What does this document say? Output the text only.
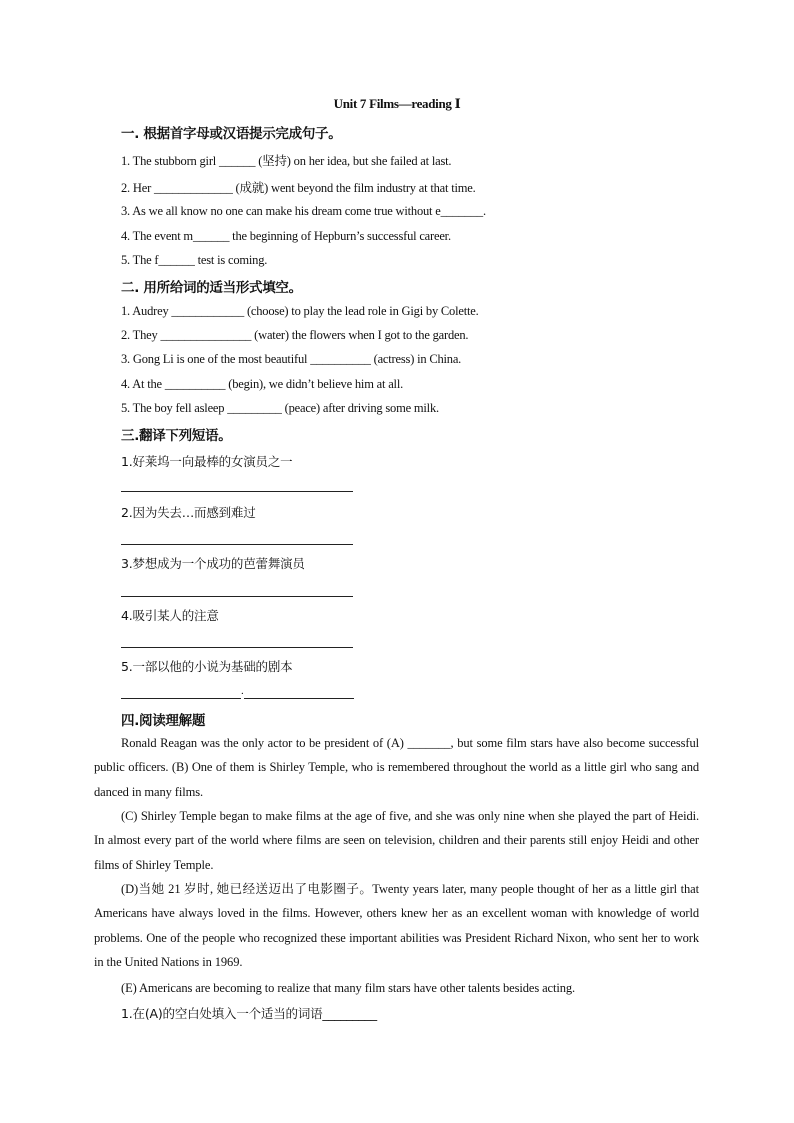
Unit 7 Films—reading Ⅰ
一. 根据首字母或汉语提示完成句子。
1. The stubborn girl ______ (坚持) on her idea, but she failed at last.
2. Her _____________ (成就) went beyond the film industry at that time.
3. As we all know no one can make his dream come true without e_______.
4. The event m______ the beginning of Hepburn’s successful career.
5. The f______ test is coming.
二. 用所给词的适当形式填空。
1. Audrey ____________ (choose) to play the lead role in Gigi by Colette.
2. They _______________ (water) the flowers when I got to the garden.
3. Gong Li is one of the most beautiful __________ (actress) in China.
4. At the __________ (begin), we didn’t believe him at all.
5. The boy fell asleep _________ (peace) after driving some milk.
三.翻译下列短语。
1.好莱坞一向最棒的女演员之一
2.因为失去…而感到难过
3.梦想成为一个成功的芭蕾舞演员
4.吸引某人的注意
5.一部以他的小说为基础的剧本
.
四.阅读理解题
Ronald Reagan was the only actor to be president of (A) _______, but some film stars have also become successful public officers. (B) One of them is Shirley Temple, who is remembered throughout the world as a little girl who sang and danced in many films.
(C) Shirley Temple began to make films at the age of five, and she was only nine when she played the part of Heidi. In almost every part of the world where films are seen on television, children and their parents still enjoy Heidi and other films of Shirley Temple.
(D)当她 21 岁时, 她已经送迈出了电影圈子。Twenty years later, many people thought of her as a little girl that Americans have always loved in the films. However, others knew her as an excellent woman with knowledge of world problems. One of the people who recognized these important abilities was President Richard Nixon, who sent her to work in the United Nations in 1969.
(E) Americans are becoming to realize that many film stars have other talents besides acting.
1.在(A)的空白处填入一个适当的词语_________
